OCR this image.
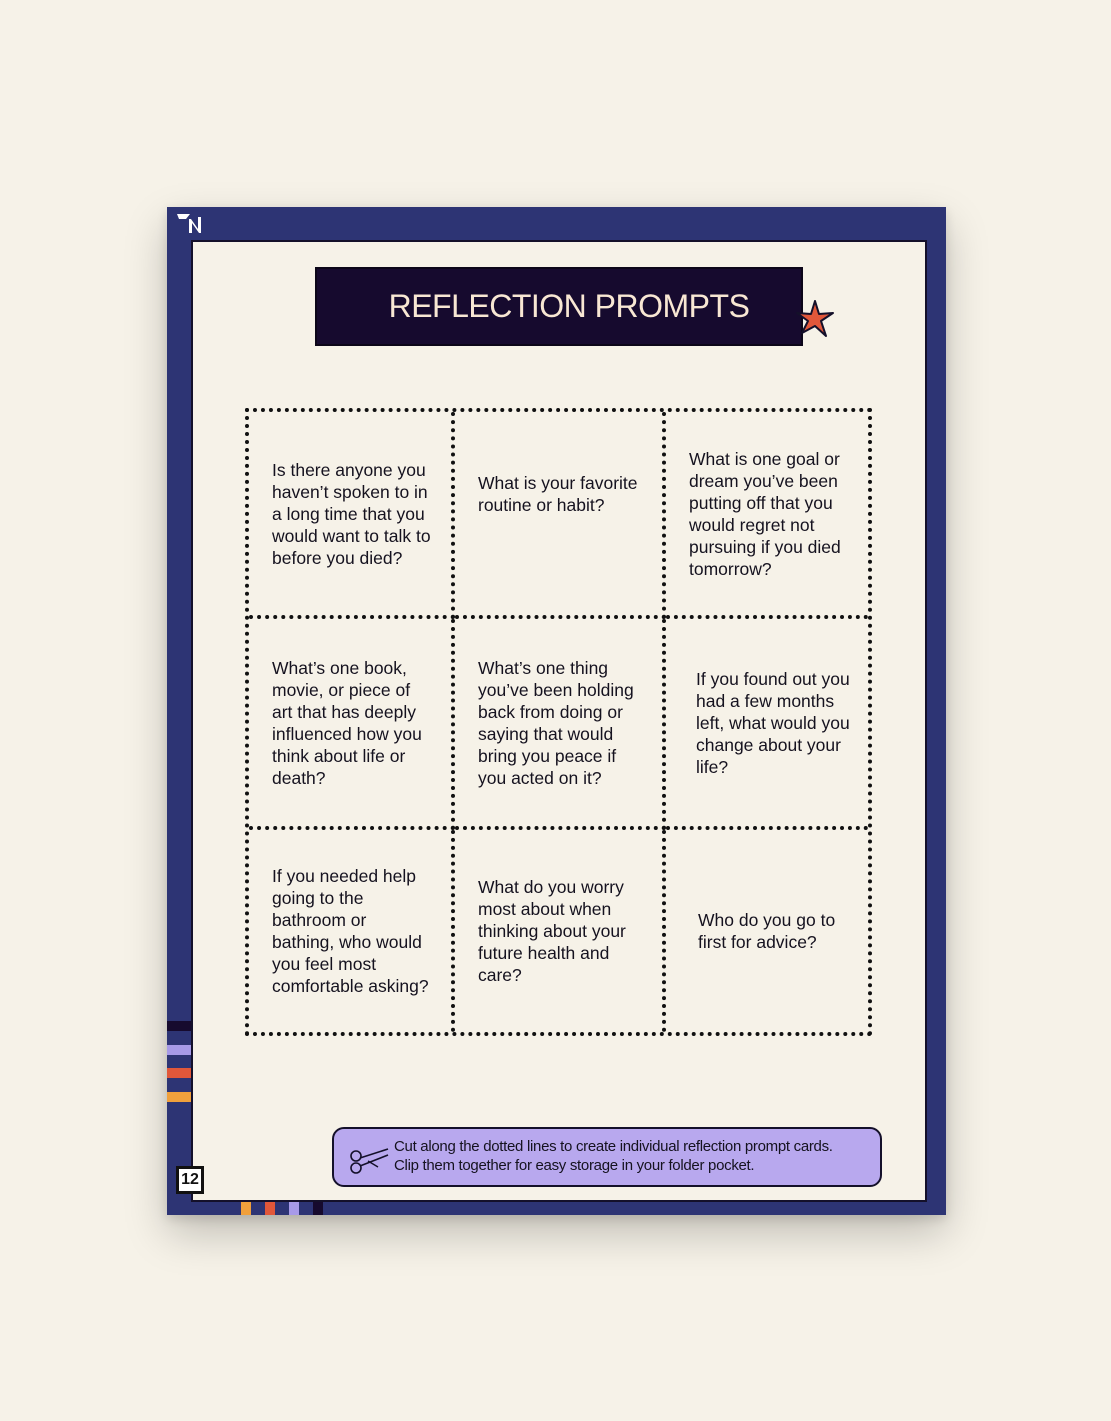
REFLECTION PROMPTS
Is there anyone you haven’t spoken to in a long time that you would want to talk to before you died?
What is your favorite routine or habit?
What is one goal or dream you’ve been putting off that you would regret not pursuing if you died tomorrow?
What’s one book, movie, or piece of art that has deeply influenced how you think about life or death?
What’s one thing you’ve been holding back from doing or saying that would bring you peace if you acted on it?
If you found out you had a few months left, what would you change about your life?
If you needed help going to the bathroom or bathing, who would you feel most comfortable asking?
What do you worry most about when thinking about your future health and care?
Who do you go to first for advice?
Cut along the dotted lines to create individual reflection prompt cards.
Clip them together for easy storage in your folder pocket.
12
